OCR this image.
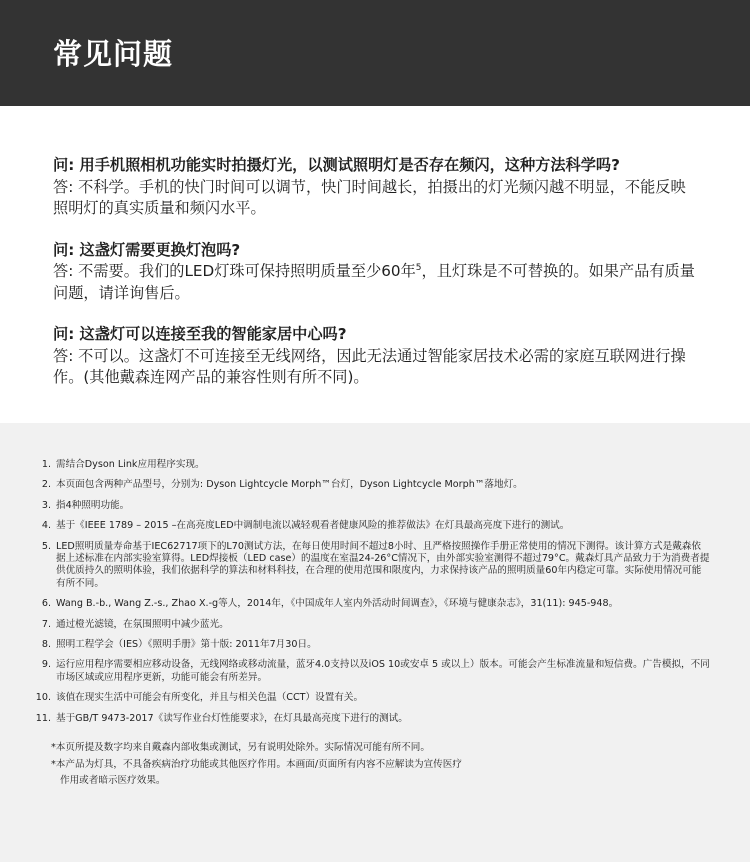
常见问题
问: 用手机照相机功能实时拍摄灯光，以测试照明灯是否存在频闪，这种方法科学吗?
答: 不科学。手机的快门时间可以调节，快门时间越长，拍摄出的灯光频闪越不明显，不能反映照明灯的真实质量和频闪水平。
问: 这盏灯需要更换灯泡吗?
答: 不需要。我们的LED灯珠可保持照明质量至少60年$^5$，且灯珠是不可替换的。如果产品有质量问题，请详询售后。
问: 这盏灯可以连接至我的智能家居中心吗?
答: 不可以。这盏灯不可连接至无线网络，因此无法通过智能家居技术必需的家庭互联网进行操作。(其他戴森连网产品的兼容性则有所不同)。
1. 需结合Dyson Link应用程序实现。
2. 本页面包含两种产品型号，分别为: Dyson Lightcycle Morph™台灯，Dyson Lightcycle Morph™落地灯。
3. 指4种照明功能。
4. 基于《IEEE 1789 – 2015 –在高亮度LED中调制电流以减轻观看者健康风险的推荐做法》在灯具最高亮度下进行的测试。
5. LED照明质量寿命基于IEC62717项下的L70测试方法，在每日使用时间不超过8小时、且严格按照操作手册正常使用的情况下测得。该计算方式是戴森依据上述标准在内部实验室算得。LED焊接板（LED case）的温度在室温24-26°C情况下，由外部实验室测得不超过79°C。戴森灯具产品致力于为消费者提供优质持久的照明体验，我们依据科学的算法和材料科技，在合理的使用范围和限度内，力求保持该产品的照明质量60年内稳定可靠。实际使用情况可能有所不同。
6. Wang B.-b., Wang Z.-s., Zhao X.-g等人，2014年，《中国成年人室内外活动时间调查》，《环境与健康杂志》，31(11): 945-948。
7. 通过橙光滤镜，在氛围照明中减少蓝光。
8. 照明工程学会（IES）《照明手册》第十版: 2011年7月30日。
9. 运行应用程序需要相应移动设备，无线网络或移动流量，蓝牙4.0支持以及iOS 10或安卓 5 或以上）版本。可能会产生标准流量和短信费。广告模拟，不同市场区域或应用程序更新，功能可能会有所差异。
10. 该值在现实生活中可能会有所变化，并且与相关色温（CCT）设置有关。
11. 基于GB/T 9473-2017《读写作业台灯性能要求》，在灯具最高亮度下进行的测试。
*本页所提及数字均来自戴森内部收集或测试，另有说明处除外。实际情况可能有所不同。
*本产品为灯具，不具备疾病治疗功能或其他医疗作用。本画面/页面所有内容不应解读为宣传医疗
作用或者暗示医疗效果。
